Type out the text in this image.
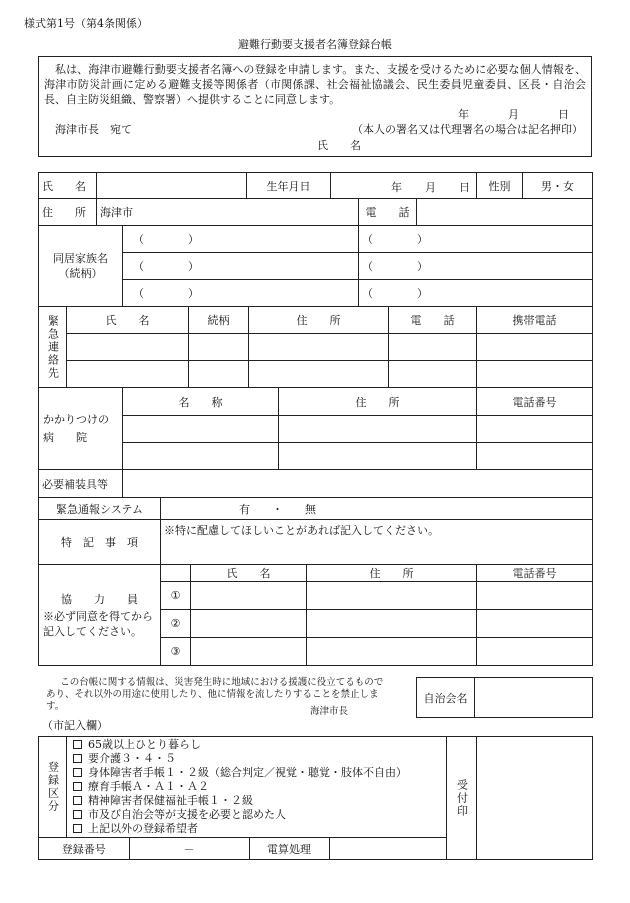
様式第1号（第4条関係）
避難行動要支援者名簿登録台帳
私は、海津市避難行動要支援者名簿への登録を申請します。また、支援を受けるために必要な個人情報を、海津市防災計画に定める避難支援等関係者（市関係課、社会福祉協議会、民生委員児童委員、区長・自治会長、自主防災組織、警察署）へ提供することに同意します。
年	月	日
海津市長　宛て	（本人の署名又は代理署名の場合は記名押印）
氏　　名
氏　　名		生年月日	年 月 日	性別	男・女
住　　所	海津市	電　　話	
同居家族名（続柄）	（　　　　）	（　　　　）
	（　　　　）	（　　　　）
	（　　　　）	（　　　　）
緊急連絡先	氏　　名	続柄	住　　所	電　　話	携帯電話

かかりつけの病　　院	名　　称	住　　所	電話番号

必要補装具等		
緊急通報システム		有　　・　　無
特　記　事　項		※特に配慮してほしいことがあれば記入してください。
協　　力　　員
※必ず同意を得てから記入してください。		氏　　名	住　　所	電話番号
	①			
	②			
	③			
この台帳に関する情報は、災害発生時に地域における援護に役立てるものであり、それ以外の用途に使用したり、他に情報を流したりすることを禁止します。	海津市長
自治会名	
（市記入欄）
登録区分

65歳以上ひとり暮らし
要介護３・４・５
身体障害者手帳１・２級（総合判定／視覚・聴覚・肢体不自由）
療育手帳Ａ・Ａ１・Ａ２
精神障害者保健福祉手帳１・２級
市及び自治会等が支援を必要と認めた人
上記以外の登録希望者

受付印

登録番号	－	電算処理	
